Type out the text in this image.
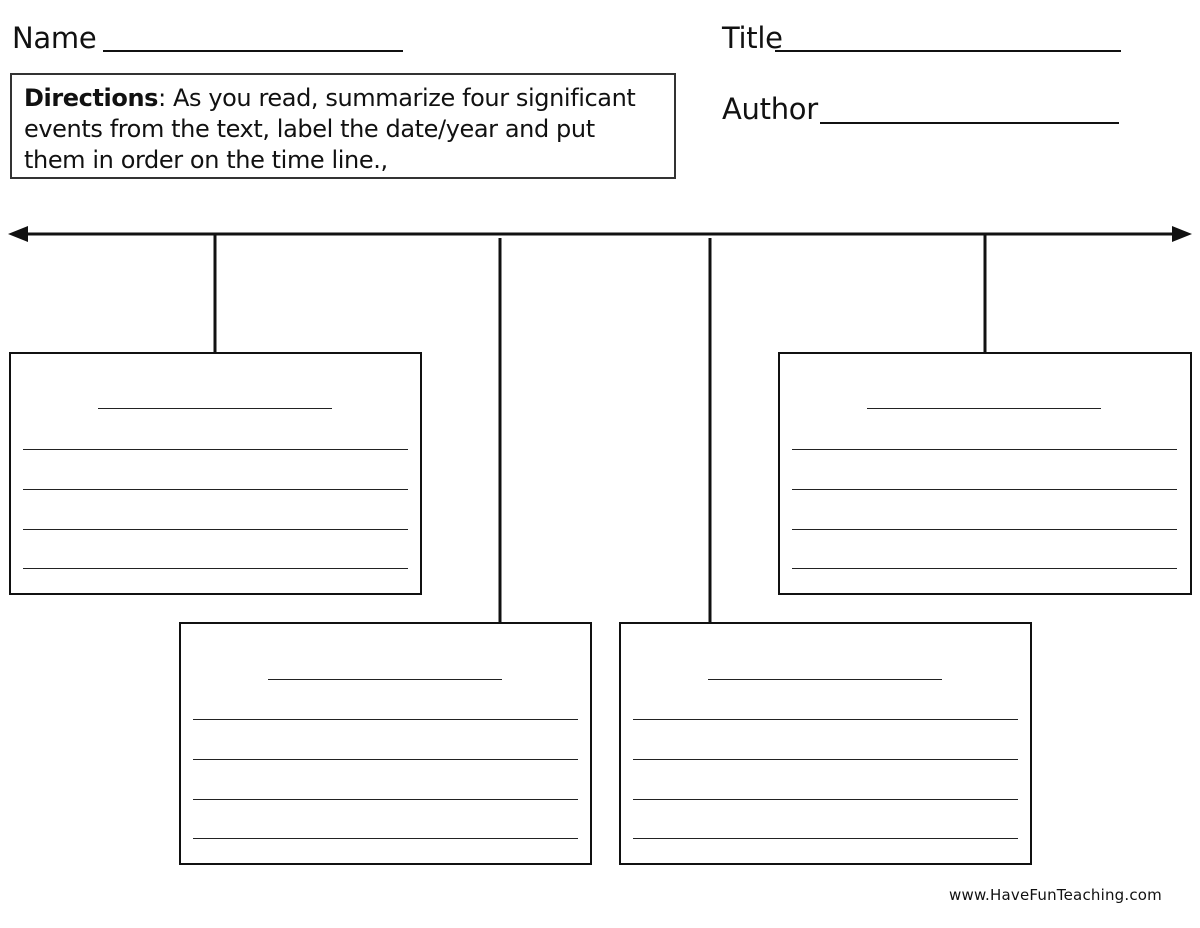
Name	Title
Author
Directions: As you read, summarize four significant events from the text, label the date/year and put them in order on the time line.,
www.HaveFunTeaching.com
